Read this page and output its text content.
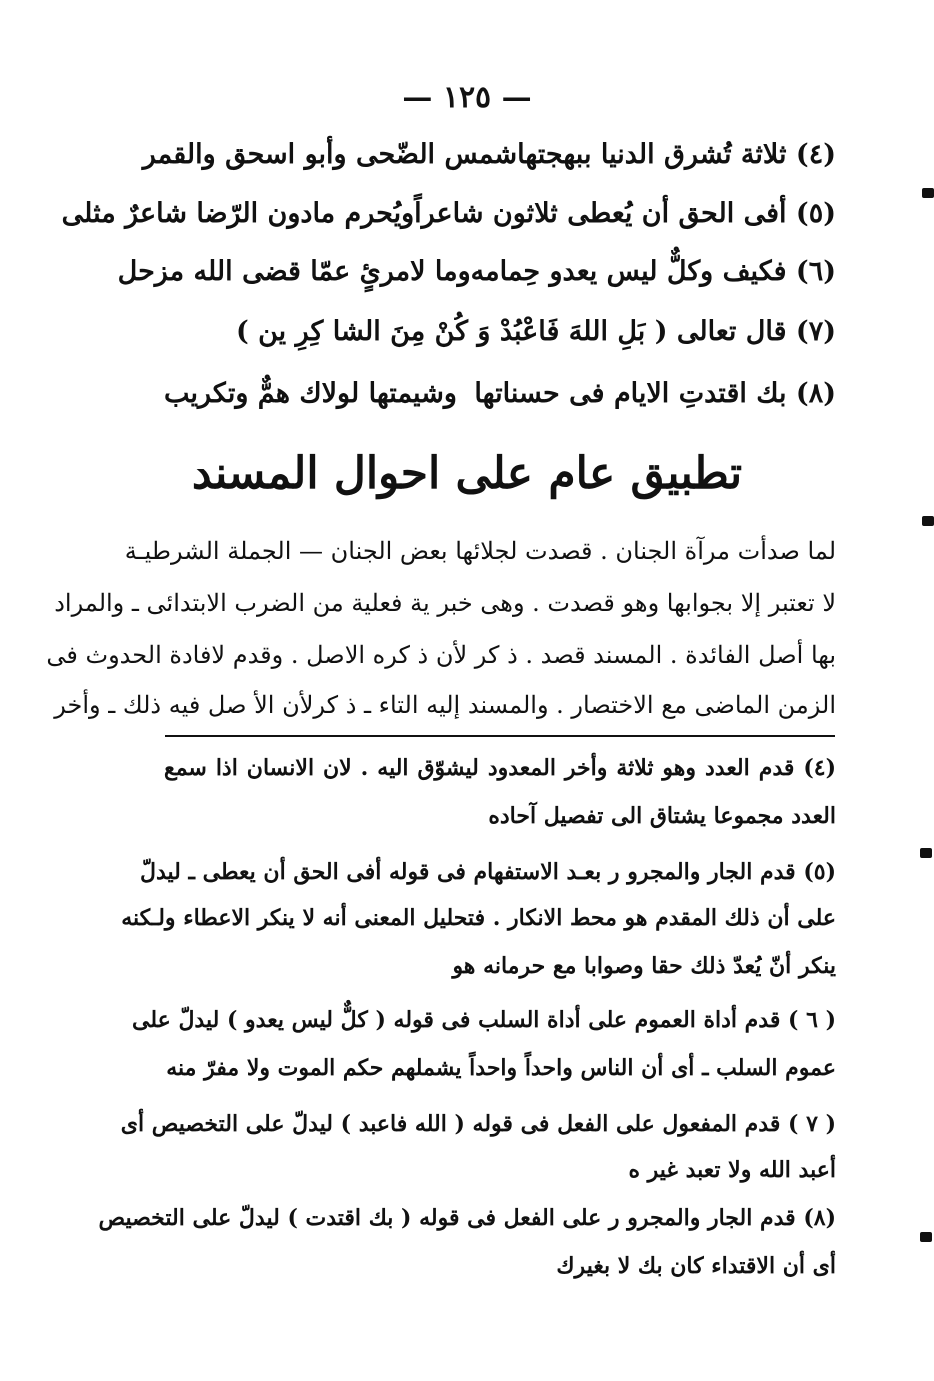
— ١٢٥ —
(٤) ثلاثة تُشرق الدنيا ببهجتها
شمس الضّحى وأبو اسحق والقمر
(٥) أفى الحق أن يُعطى ثلاثون شاعراً
ويُحرم مادون الرّضا شاعرٌ مثلى
(٦) فكيف وكلٌّ ليس يعدو حِمامه
وما لامرئٍ عمّا قضى الله مزحل
(٧) قال تعالى ( بَلِ اللهَ فَاعْبُدْ وَ كُنْ مِنَ الشا كِرِ ين )
(٨) بك اقتدتِ الايام فى حسناتها
وشيمتها لولاك همٌّ وتكريب
تطبيق عام على احوال المسند
لما صدأت مرآة الجنان . قصدت لجلائها بعض الجنان — الجملة الشرطيـة
لا تعتبر إلا بجوابها وهو قصدت . وهى خبر ية فعلية من الضرب الابتدائى ـ والمراد
بها أصل الفائدة . المسند قصد . ذ كر لأن ذ كره الاصل . وقدم لافادة الحدوث فى
الزمن الماضى مع الاختصار . والمسند إليه التاء ـ ذ كرلأن الأ صل فيه ذلك ـ وأخر
(٤) قدم العدد وهو ثلاثة وأخر المعدود ليشوّق اليه . لان الانسان اذا سمع
العدد مجموعا يشتاق الى تفصيل آحاده
(٥) قدم الجار والمجرو ر بعـد الاستفهام فى قوله أفى الحق أن يعطى ـ ليدلّ
على أن ذلك المقدم هو محط الانكار . فتحليل المعنى أنه لا ينكر الاعطاء ولـكنه
ينكر أنّ يُعدّ ذلك حقا وصوابا مع حرمانه هو
( ٦ ) قدم أداة العموم على أداة السلب فى قوله ( كلٌّ ليس يعدو ) ليدلّ على
عموم السلب ـ أى أن الناس واحداً واحداً يشملهم حكم الموت ولا مفرّ منه
( ٧ ) قدم المفعول على الفعل فى قوله ( الله فاعبد ) ليدلّ على التخصيص أى
أعبد الله ولا تعبد غير ه
(٨) قدم الجار والمجرو ر على الفعل فى قوله ( بك اقتدت ) ليدلّ على التخصيص
أى أن الاقتداء كان بك لا بغيرك
